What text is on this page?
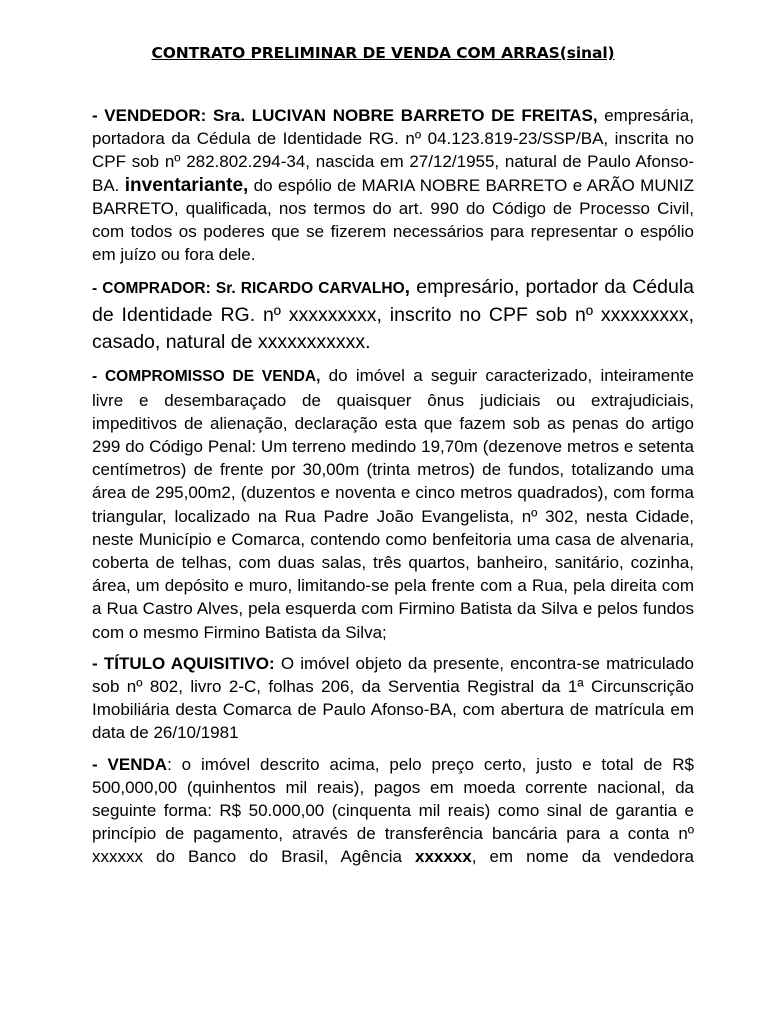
CONTRATO PRELIMINAR DE VENDA COM ARRAS(sinal)

- VENDEDOR: Sra. LUCIVAN NOBRE BARRETO DE FREITAS, empresária, portadora da Cédula de Identidade RG. nº 04.123.819-23/SSP/BA, inscrita no CPF sob nº 282.802.294-34, nascida em 27/12/1955, natural de Paulo Afonso-BA. inventariante, do espólio de MARIA NOBRE BARRETO e ARÃO MUNIZ BARRETO, qualificada, nos termos do art. 990 do Código de Processo Civil, com todos os poderes que se fizerem necessários para representar o espólio em juízo ou fora dele.

- COMPRADOR: Sr. RICARDO CARVALHO, empresário, portador da Cédula de Identidade RG. nº xxxxxxxxx, inscrito no CPF sob nº xxxxxxxxx, casado, natural de xxxxxxxxxxx.

- COMPROMISSO DE VENDA, do imóvel a seguir caracterizado, inteiramente livre e desembaraçado de quaisquer ônus judiciais ou extrajudiciais, impeditivos de alienação, declaração esta que fazem sob as penas do artigo 299 do Código Penal: Um terreno medindo 19,70m (dezenove metros e setenta centímetros) de frente por 30,00m (trinta metros) de fundos, totalizando uma área de 295,00m2, (duzentos e noventa e cinco metros quadrados), com forma triangular, localizado na Rua Padre João Evangelista, nº 302, nesta Cidade, neste Município e Comarca, contendo como benfeitoria uma casa de alvenaria, coberta de telhas, com duas salas, três quartos, banheiro, sanitário, cozinha, área, um depósito e muro, limitando-se pela frente com a Rua, pela direita com a Rua Castro Alves, pela esquerda com Firmino Batista da Silva e pelos fundos com o mesmo Firmino Batista da Silva;

- TÍTULO AQUISITIVO: O imóvel objeto da presente, encontra-se matriculado sob nº 802, livro 2-C, folhas 206, da Serventia Registral da 1ª Circunscrição Imobiliária desta Comarca de Paulo Afonso-BA, com abertura de matrícula em data de 26/10/1981

- VENDA: o imóvel descrito acima, pelo preço certo, justo e total de R$ 500,000,00 (quinhentos mil reais), pagos em moeda corrente nacional, da seguinte forma: R$ 50.000,00 (cinquenta mil reais) como sinal de garantia e princípio de pagamento, através de transferência bancária para a conta nº xxxxxx do Banco do Brasil, Agência xxxxxx, em nome da vendedora
